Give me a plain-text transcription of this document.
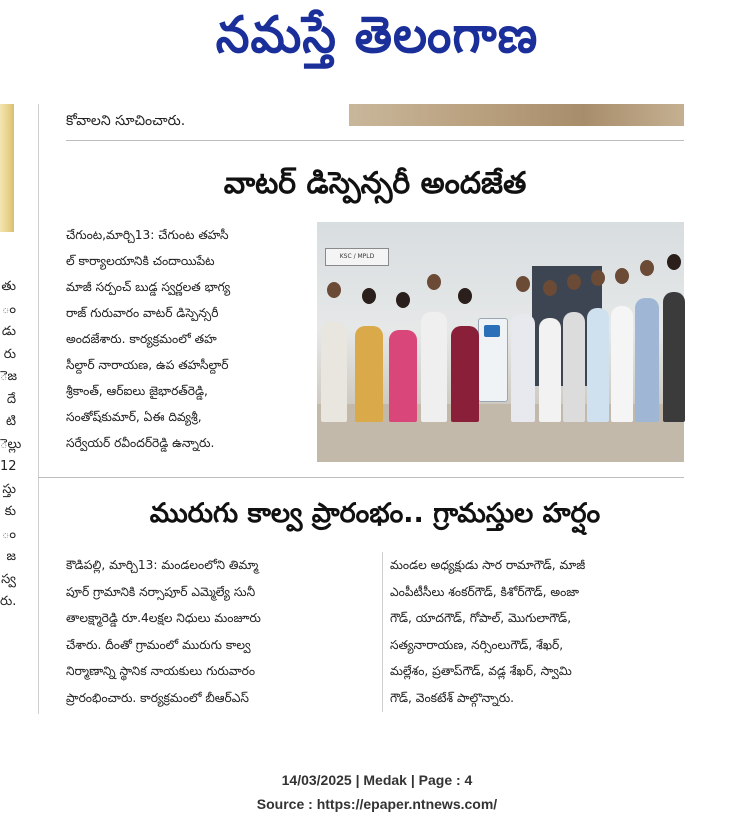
నమస్తే తెలంగాణ
తు
ం
డు
రు
ెజ
దే
టి
ెల్లు
12
స్తు
కు
ం
జ
స్వ
రు.
కోవాలని సూచించారు.
వాటర్ డిస్పెన్సరీ అందజేత
చేగుంట,మార్చి13: చేగుంట తహసీ
ల్ కార్యాలయానికి చందాయిపేట
మాజీ సర్పంచ్ బుడ్డ స్వర్ణలత భాగ్య
రాజ్ గురువారం వాటర్ డిస్పెన్సరీ
అందజేశారు. కార్యక్రమంలో తహ
సీల్దార్ నారాయణ, ఉప తహసీల్దార్
శ్రీకాంత్, ఆర్ఐలు జైభారత్‌రెడ్డి,
సంతోష్‌కుమార్, ఏఈ దివ్యశ్రీ,
సర్వేయర్ రవీందర్‌రెడ్డి ఉన్నారు.
KSC / MPLD
మురుగు కాల్వ ప్రారంభం.. గ్రామస్తుల హర్షం
కౌడిపల్లి, మార్చి13: మండలంలోని తిమ్మా
పూర్ గ్రామానికి నర్సాపూర్ ఎమ్మెల్యే సునీ
తాలక్ష్మారెడ్డి రూ.4లక్షల నిధులు మంజూరు
చేశారు. దీంతో గ్రామంలో మురుగు కాల్వ
నిర్మాణాన్ని స్థానిక నాయకులు గురువారం
ప్రారంభించారు. కార్యక్రమంలో బీఆర్ఎస్
మండల అధ్యక్షుడు సార రామాగౌడ్, మాజీ
ఎంపీటీసీలు శంకర్‌గౌడ్, కిశోర్‌గౌడ్, అంజా
గౌడ్, యాదగౌడ్, గోపాల్, మొగులాగౌడ్,
సత్యనారాయణ, నర్సింలుగౌడ్, శేఖర్,
మల్లేశం, ప్రతాప్‌గౌడ్, వడ్ల శేఖర్, స్వామి
గౌడ్, వెంకటేశ్ పాల్గొన్నారు.
14/03/2025 | Medak | Page : 4
Source : https://epaper.ntnews.com/
